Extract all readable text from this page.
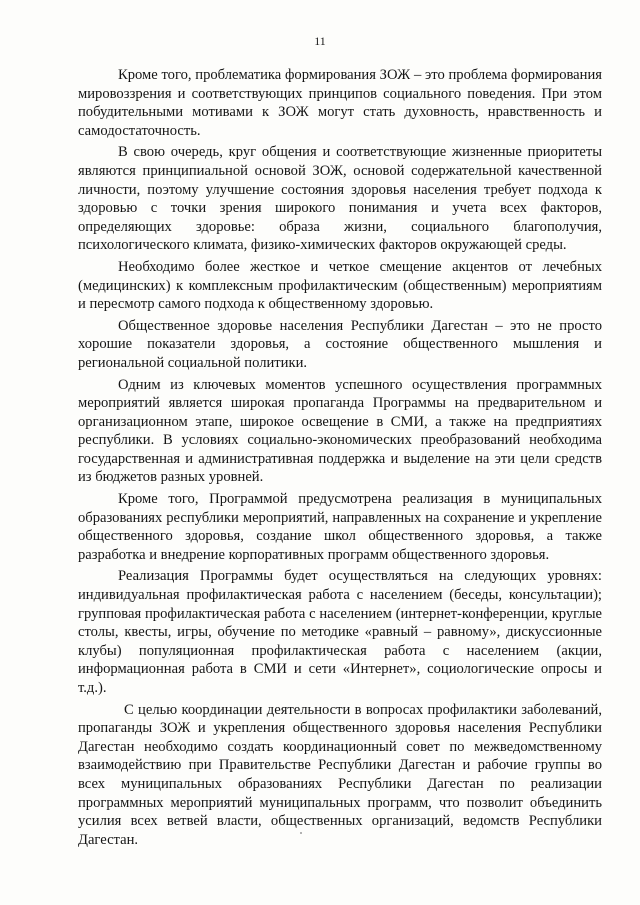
11

Кроме того, проблематика формирования ЗОЖ – это проблема формирования мировоззрения и соответствующих принципов социального поведения. При этом побудительными мотивами к ЗОЖ могут стать духовность, нравственность и самодостаточность.

В свою очередь, круг общения и соответствующие жизненные приоритеты являются принципиальной основой ЗОЖ, основой содержательной качественной личности, поэтому улучшение состояния здоровья населения требует подхода к здоровью с точки зрения широкого понимания и учета всех факторов, определяющих здоровье: образа жизни, социального благополучия, психологического климата, физико-химических факторов окружающей среды.

Необходимо более жесткое и четкое смещение акцентов от лечебных (медицинских) к комплексным профилактическим (общественным) мероприятиям и пересмотр самого подхода к общественному здоровью.

Общественное здоровье населения Республики Дагестан – это не просто хорошие показатели здоровья, а состояние общественного мышления и региональной социальной политики.

Одним из ключевых моментов успешного осуществления программных мероприятий является широкая пропаганда Программы на предварительном и организационном этапе, широкое освещение в СМИ, а также на предприятиях республики. В условиях социально-экономических преобразований необходима государственная и административная поддержка и выделение на эти цели средств из бюджетов разных уровней.

Кроме того, Программой предусмотрена реализация в муниципальных образованиях республики мероприятий, направленных на сохранение и укрепление общественного здоровья, создание школ общественного здоровья, а также разработка и внедрение корпоративных программ общественного здоровья.

Реализация Программы будет осуществляться на следующих уровнях: индивидуальная профилактическая работа с населением (беседы, консультации); групповая профилактическая работа с населением (интернет-конференции, круглые столы, квесты, игры, обучение по методике «равный – равному», дискуссионные клубы) популяционная профилактическая работа с населением (акции, информационная работа в СМИ и сети «Интернет», социологические опросы и т.д.).

С целью координации деятельности в вопросах профилактики заболеваний, пропаганды ЗОЖ и укрепления общественного здоровья населения Республики Дагестан необходимо создать координационный совет по межведомственному взаимодействию при Правительстве Республики Дагестан и рабочие группы во всех муниципальных образованиях Республики Дагестан по реализации программных мероприятий муниципальных программ, что позволит объединить усилия всех ветвей власти, общественных организаций, ведомств Республики Дагестан.
